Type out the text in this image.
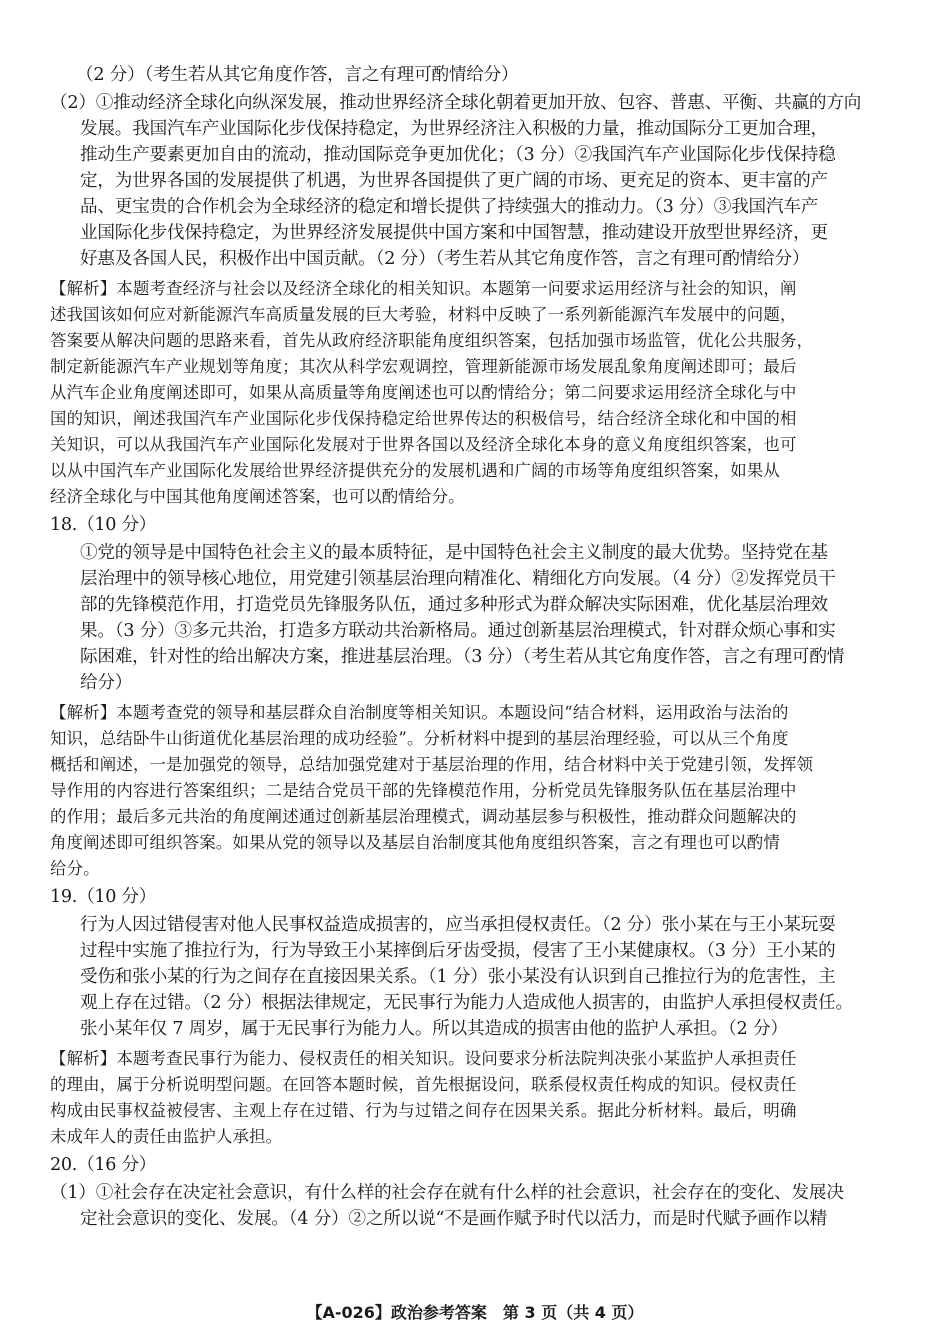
（2 分）（考生若从其它角度作答，言之有理可酌情给分）
（2）①推动经济全球化向纵深发展，推动世界经济全球化朝着更加开放、包容、普惠、平衡、共赢的方向
发展。我国汽车产业国际化步伐保持稳定，为世界经济注入积极的力量，推动国际分工更加合理，
推动生产要素更加自由的流动，推动国际竞争更加优化；（3 分）②我国汽车产业国际化步伐保持稳
定，为世界各国的发展提供了机遇，为世界各国提供了更广阔的市场、更充足的资本、更丰富的产
品、更宝贵的合作机会为全球经济的稳定和增长提供了持续强大的推动力。（3 分）③我国汽车产
业国际化步伐保持稳定，为世界经济发展提供中国方案和中国智慧，推动建设开放型世界经济，更
好惠及各国人民，积极作出中国贡献。（2 分）（考生若从其它角度作答，言之有理可酌情给分）
【解析】本题考查经济与社会以及经济全球化的相关知识。本题第一问要求运用经济与社会的知识，阐
述我国该如何应对新能源汽车高质量发展的巨大考验，材料中反映了一系列新能源汽车发展中的问题，
答案要从解决问题的思路来看，首先从政府经济职能角度组织答案，包括加强市场监管，优化公共服务，
制定新能源汽车产业规划等角度；其次从科学宏观调控，管理新能源市场发展乱象角度阐述即可；最后
从汽车企业角度阐述即可，如果从高质量等角度阐述也可以酌情给分；第二问要求运用经济全球化与中
国的知识，阐述我国汽车产业国际化步伐保持稳定给世界传达的积极信号，结合经济全球化和中国的相
关知识，可以从我国汽车产业国际化发展对于世界各国以及经济全球化本身的意义角度组织答案，也可
以从中国汽车产业国际化发展给世界经济提供充分的发展机遇和广阔的市场等角度组织答案，如果从
经济全球化与中国其他角度阐述答案，也可以酌情给分。
18.（10 分）
①党的领导是中国特色社会主义的最本质特征，是中国特色社会主义制度的最大优势。坚持党在基
层治理中的领导核心地位，用党建引领基层治理向精准化、精细化方向发展。（4 分）②发挥党员干
部的先锋模范作用，打造党员先锋服务队伍，通过多种形式为群众解决实际困难，优化基层治理效
果。（3 分）③多元共治，打造多方联动共治新格局。通过创新基层治理模式，针对群众烦心事和实
际困难，针对性的给出解决方案，推进基层治理。（3 分）（考生若从其它角度作答，言之有理可酌情
给分）
【解析】本题考查党的领导和基层群众自治制度等相关知识。本题设问“结合材料，运用政治与法治的
知识，总结卧牛山街道优化基层治理的成功经验”。分析材料中提到的基层治理经验，可以从三个角度
概括和阐述，一是加强党的领导，总结加强党建对于基层治理的作用，结合材料中关于党建引领，发挥领
导作用的内容进行答案组织；二是结合党员干部的先锋模范作用，分析党员先锋服务队伍在基层治理中
的作用；最后多元共治的角度阐述通过创新基层治理模式，调动基层参与积极性，推动群众问题解决的
角度阐述即可组织答案。如果从党的领导以及基层自治制度其他角度组织答案，言之有理也可以酌情
给分。
19.（10 分）
行为人因过错侵害对他人民事权益造成损害的，应当承担侵权责任。（2 分）张小某在与王小某玩耍
过程中实施了推拉行为，行为导致王小某摔倒后牙齿受损，侵害了王小某健康权。（3 分）王小某的
受伤和张小某的行为之间存在直接因果关系。（1 分）张小某没有认识到自己推拉行为的危害性，主
观上存在过错。（2 分）根据法律规定，无民事行为能力人造成他人损害的，由监护人承担侵权责任。
张小某年仅 7 周岁，属于无民事行为能力人。所以其造成的损害由他的监护人承担。（2 分）
【解析】本题考查民事行为能力、侵权责任的相关知识。设问要求分析法院判决张小某监护人承担责任
的理由，属于分析说明型问题。在回答本题时候，首先根据设问，联系侵权责任构成的知识。侵权责任
构成由民事权益被侵害、主观上存在过错、行为与过错之间存在因果关系。据此分析材料。最后，明确
未成年人的责任由监护人承担。
20.（16 分）
（1）①社会存在决定社会意识，有什么样的社会存在就有什么样的社会意识，社会存在的变化、发展决
定社会意识的变化、发展。（4 分）②之所以说“不是画作赋予时代以活力，而是时代赋予画作以精
【A-026】政治参考答案　第 3 页（共 4 页）
